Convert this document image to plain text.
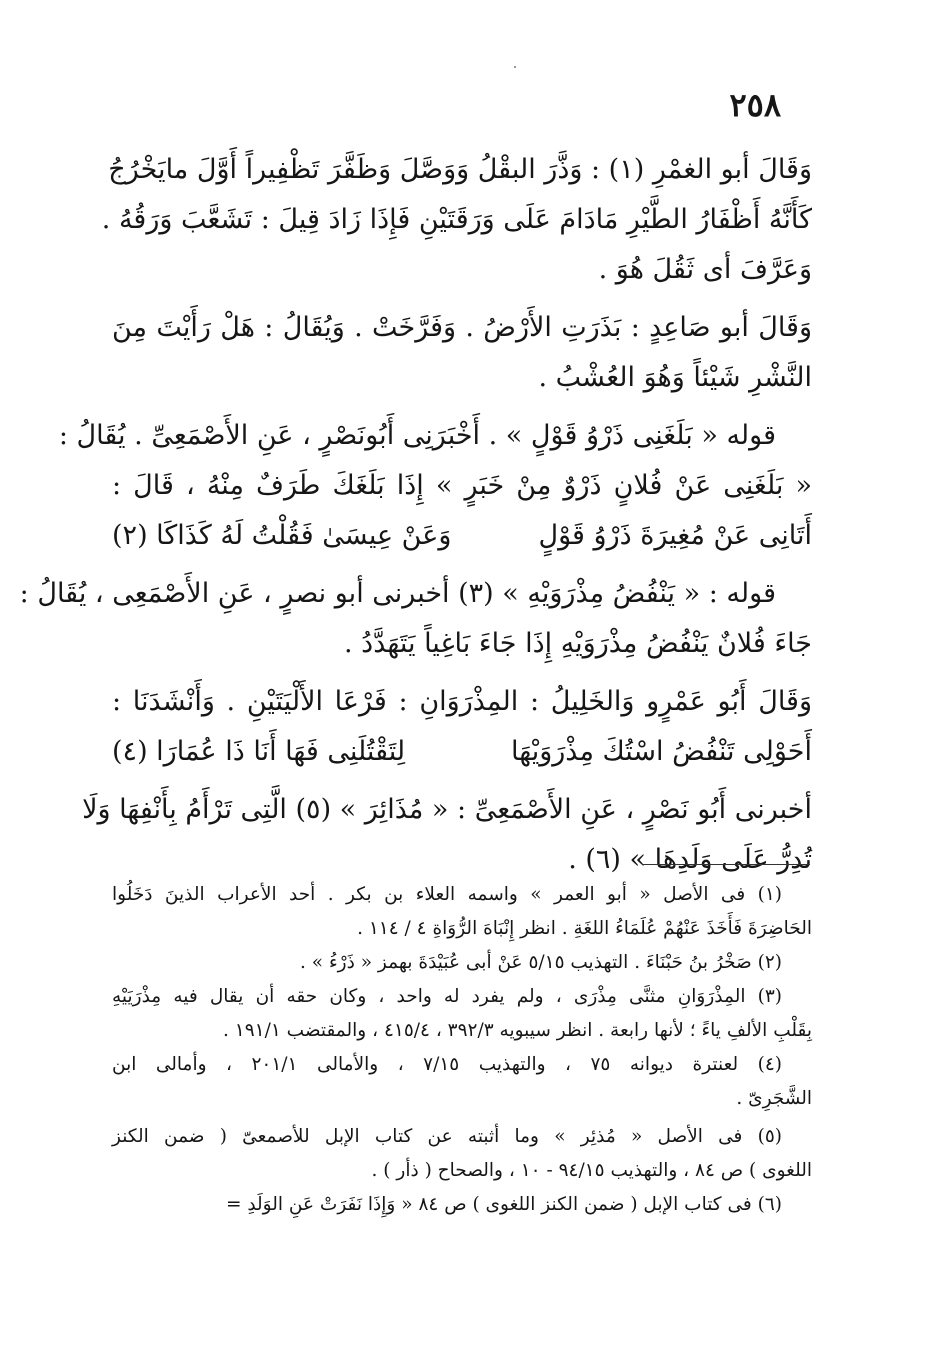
٢٥٨
وَقَالَ أبو الغمْرِ (١) : وَذَّرَ البقْلُ وَوَصَّلَ وَظَفَّرَ تَظْفِيراً أَوَّلَ مايَخْرُجُ
كَأَنَّهُ أَظْفَارُ الطَّيْرِ مَادَامَ عَلَى وَرَقَتَيْنِ فَإِذَا زَادَ قِيلَ : تَشَعَّبَ وَرَقُهُ .
وَعَرَّفَ أى ثَقُلَ هُوَ .
وَقَالَ أبو صَاعِدٍ : بَذَرَتِ الأَرْضُ . وَفَرَّخَتْ . وَيُقَالُ : هَلْ رَأَيْتَ مِنَ
النَّشْرِ شَيْئاً وَهُوَ العُشْبُ .
قوله « بَلَغَنِى ذَرْوُ قَوْلٍ » . أَخْبَرَنِى أَبُونَصْرٍ ، عَنِ الأَصْمَعِىِّ . يُقَالُ :
« بَلَغَنِى عَنْ فُلانٍ ذَرْوٌ مِنْ خَبَرٍ » إِذَا بَلَغَكَ طَرَفٌ مِنْهُ ، قَالَ :
أَتَانِى عَنْ مُغِيرَةَ ذَرْوُ قَوْلٍ
وَعَنْ عِيسَىٰ فَقُلْتُ لَهُ كَذَاكَا (٢)
قوله : « يَنْفُضُ مِذْرَوَيْهِ » (٣) أخبرنى أبو نصرٍ ، عَنِ الأَصْمَعِى ، يُقَالُ :
جَاءَ فُلانٌ يَنْفُضُ مِذْرَوَيْهِ إِذَا جَاءَ بَاغِياً يَتَهَدَّدُ .
وَقَالَ أَبُو عَمْرٍو وَالخَلِيلُ : المِذْرَوَانِ : فَرْعَا الأَلْيَتَيْنِ . وَأَنْشَدَنَا :
أَحَوْلِى تَنْفُضُ اسْتُكَ مِذْرَوَيْهَا
لِتَقْتُلَنِى فَهَا أَنَا ذَا عُمَارَا (٤)
أخبرنى أَبُو نَصْرٍ ، عَنِ الأَصْمَعِىِّ : « مُذَائِرَ » (٥) الَّتِى تَرْأَمُ بِأَنْفِهَا وَلَا
تُدِرُّ عَلَى وَلَدِهَا » (٦) .
(١) فى الأصل « أبو العمر » واسمه العلاء بن بكر . أحد الأعراب الذينَ دَخَلُوا
الحَاضِرَةَ فَأَخَذَ عَنْهُمْ عُلَمَاءُ اللغَةِ . انظر إِنْبَاهَ الرُّوَاةِ ٤ / ١١٤ .
(٢) صَخْرُ بنُ حَبْنَاءَ . التهذيب ٥/١٥ عَنْ أبى عُبَيْدَةَ بهمز « ذَرْءُ » .
(٣) المِذْرَوَانِ مثنَّى مِذْرَى ، ولم يفرد له واحد ، وكان حقه أن يقال فيه مِذْرَيَيْهِ
بِقَلْبِ الألفِ ياءً ؛ لأنها رابعة . انظر سيبويه ٣٩٢/٣ ، ٤١٥/٤ ، والمقتضب ١٩١/١ .
(٤) لعنترة ديوانه ٧٥ ، والتهذيب ٧/١٥ ، والأمالى ٢٠١/١ ، وأمالى ابن
الشَّجَرِىّ .
(٥) فى الأصل « مُذئِر » وما أثبته عن كتاب الإبل للأصمعىّ ( ضمن الكنز
اللغوى ) ص ٨٤ ، والتهذيب ٩٤/١٥ - ١٠ ، والصحاح ( ذأر ) .
(٦) فى كتاب الإبل ( ضمن الكنز اللغوى ) ص ٨٤ « وَإِذَا نَفَرَتْ عَنِ الوَلَدِ =
